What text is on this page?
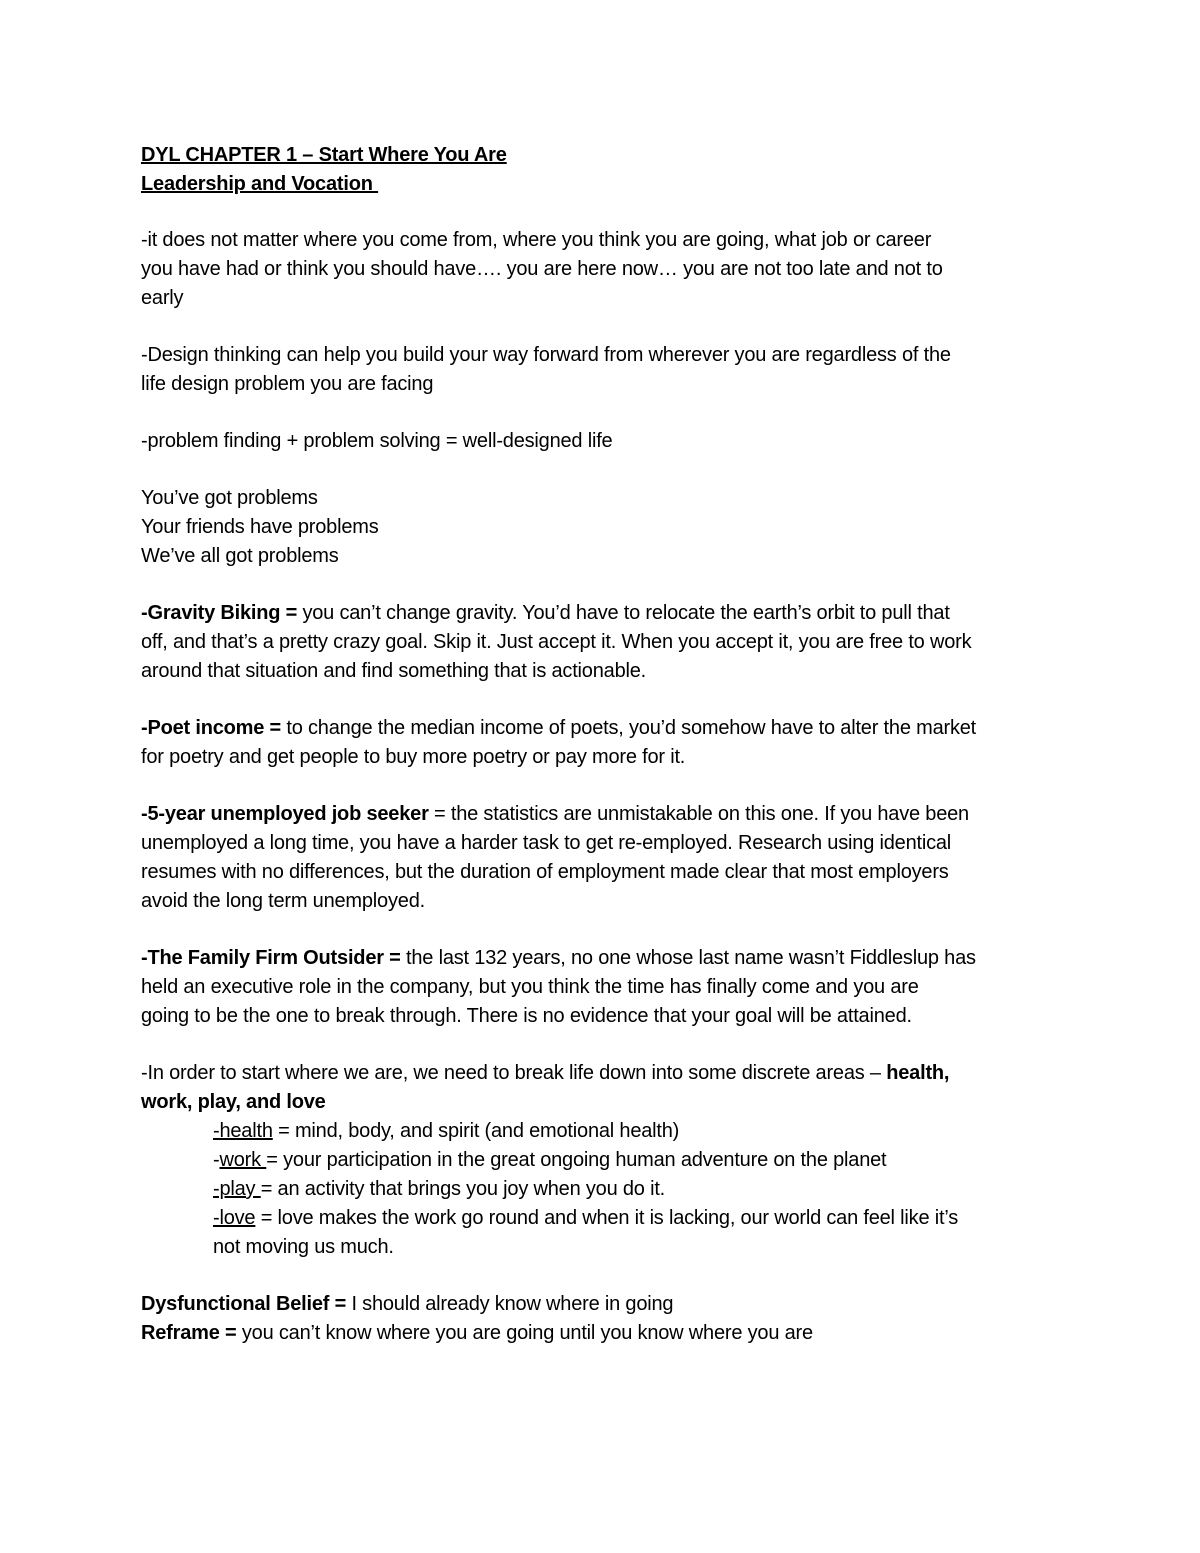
DYL CHAPTER 1 – Start Where You Are

Leadership and Vocation

-it does not matter where you come from, where you think you are going, what job or career

you have had or think you should have…. you are here now… you are not too late and not to

early

-Design thinking can help you build your way forward from wherever you are regardless of the

life design problem you are facing

-problem finding + problem solving = well-designed life

You’ve got problems

Your friends have problems

We’ve all got problems

-Gravity Biking = you can’t change gravity. You’d have to relocate the earth’s orbit to pull that

off, and that’s a pretty crazy goal. Skip it. Just accept it. When you accept it, you are free to work

around that situation and find something that is actionable.

-Poet income = to change the median income of poets, you’d somehow have to alter the market

for poetry and get people to buy more poetry or pay more for it.

-5-year unemployed job seeker = the statistics are unmistakable on this one. If you have been

unemployed a long time, you have a harder task to get re-employed. Research using identical

resumes with no differences, but the duration of employment made clear that most employers

avoid the long term unemployed.

-The Family Firm Outsider = the last 132 years, no one whose last name wasn’t Fiddleslup has

held an executive role in the company, but you think the time has finally come and you are

going to be the one to break through. There is no evidence that your goal will be attained.

-In order to start where we are, we need to break life down into some discrete areas – health,

work, play, and love

-health = mind, body, and spirit (and emotional health)

-work = your participation in the great ongoing human adventure on the planet

-play = an activity that brings you joy when you do it.

-love = love makes the work go round and when it is lacking, our world can feel like it’s

not moving us much.

Dysfunctional Belief = I should already know where in going

Reframe = you can’t know where you are going until you know where you are
